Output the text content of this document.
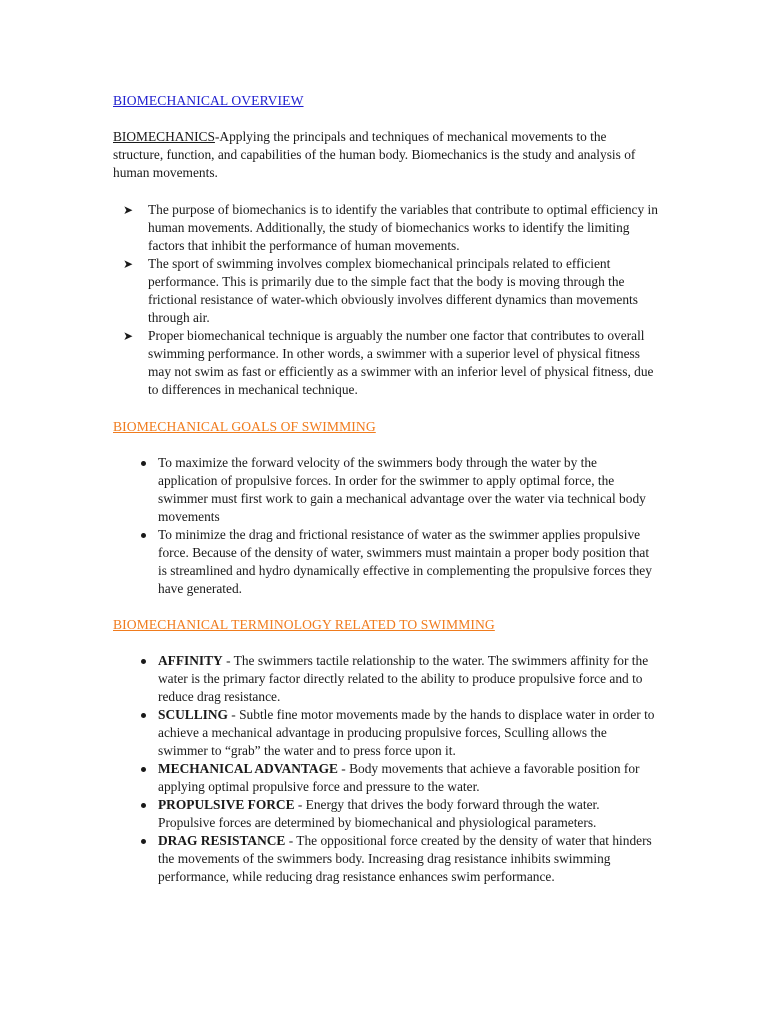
BIOMECHANICAL OVERVIEW

BIOMECHANICS-Applying the principals and techniques of mechanical movements to the structure, function, and capabilities of the human body. Biomechanics is the study and analysis of human movements.

➤ The purpose of biomechanics is to identify the variables that contribute to optimal efficiency in human movements. Additionally, the study of biomechanics works to identify the limiting factors that inhibit the performance of human movements.
➤ The sport of swimming involves complex biomechanical principals related to efficient performance. This is primarily due to the simple fact that the body is moving through the frictional resistance of water-which obviously involves different dynamics than movements through air.
➤ Proper biomechanical technique is arguably the number one factor that contributes to overall swimming performance. In other words, a swimmer with a superior level of physical fitness may not swim as fast or efficiently as a swimmer with an inferior level of physical fitness, due to differences in mechanical technique.
BIOMECHANICAL GOALS OF SWIMMING
To maximize the forward velocity of the swimmers body through the water by the application of propulsive forces. In order for the swimmer to apply optimal force, the swimmer must first work to gain a mechanical advantage over the water via technical body movements
To minimize the drag and frictional resistance of water as the swimmer applies propulsive force. Because of the density of water, swimmers must maintain a proper body position that is streamlined and hydro dynamically effective in complementing the propulsive forces they have generated.
BIOMECHANICAL TERMINOLOGY RELATED TO SWIMMING
AFFINITY - The swimmers tactile relationship to the water. The swimmers affinity for the water is the primary factor directly related to the ability to produce propulsive force and to reduce drag resistance.
SCULLING - Subtle fine motor movements made by the hands to displace water in order to achieve a mechanical advantage in producing propulsive forces, Sculling allows the swimmer to “grab” the water and to press force upon it.
MECHANICAL ADVANTAGE - Body movements that achieve a favorable position for applying optimal propulsive force and pressure to the water.
PROPULSIVE FORCE - Energy that drives the body forward through the water. Propulsive forces are determined by biomechanical and physiological parameters.
DRAG RESISTANCE - The oppositional force created by the density of water that hinders the movements of the swimmers body. Increasing drag resistance inhibits swimming performance, while reducing drag resistance enhances swim performance.
